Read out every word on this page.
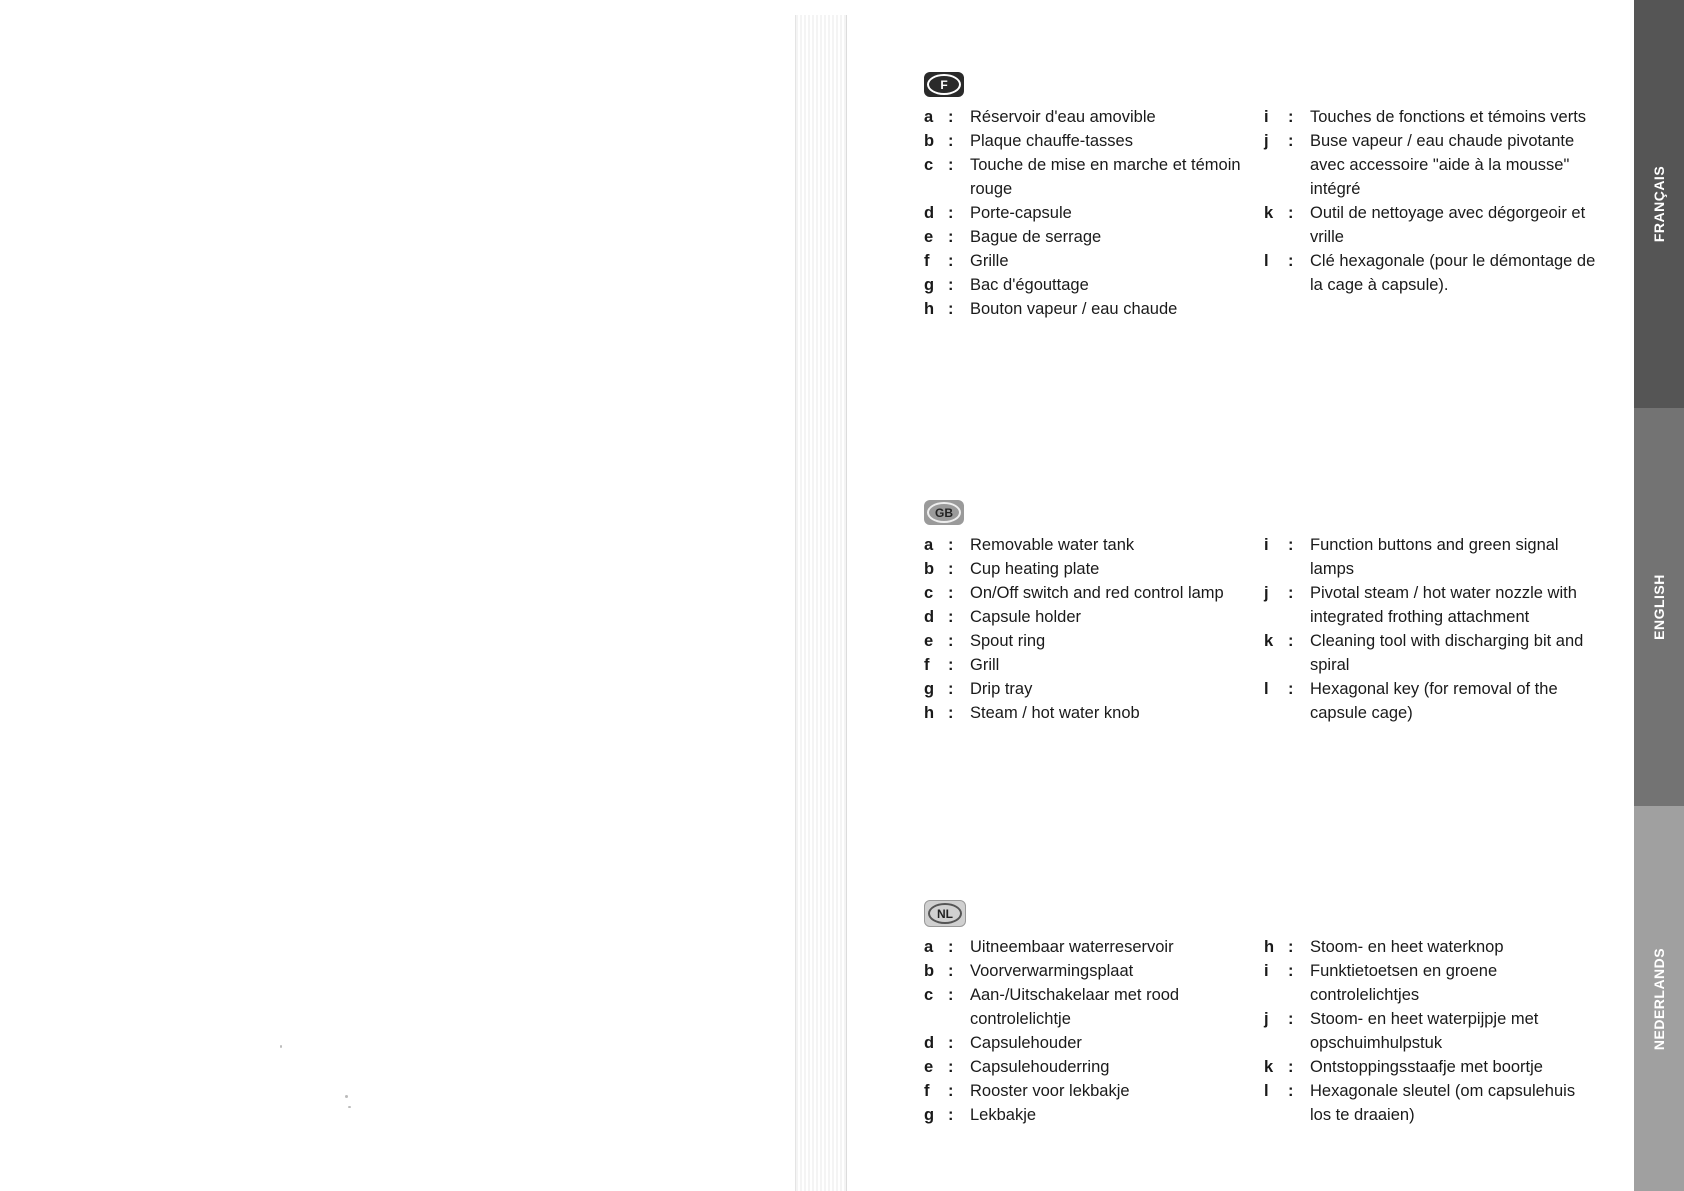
F
a :	Réservoir d'eau amovible
b :	Plaque chauffe-tasses
c :	Touche de mise en marche et témoin rouge
d :	Porte-capsule
e :	Bague de serrage
f	:	Grille
g :	Bac d'égouttage
h :	Bouton vapeur / eau chaude
i	:	Touches de fonctions et témoins verts
j	:	Buse vapeur / eau chaude pivotante avec accessoire "aide à la mousse" intégré
k :	Outil de nettoyage avec dégorgeoir et vrille
l	:	Clé hexagonale (pour le démontage de la cage à capsule).
GB
a :	Removable water tank
b :	Cup heating plate
c :	On/Off switch and red control lamp
d :	Capsule holder
e :	Spout ring
f	:	Grill
g :	Drip tray
h :	Steam / hot water knob
i	:	Function buttons and green signal lamps
j	:	Pivotal steam / hot water nozzle with integrated frothing attachment
k :	Cleaning tool with discharging bit and spiral
l	:	Hexagonal key (for removal of the capsule cage)
NL
a :	Uitneembaar waterreservoir
b :	Voorverwarmingsplaat
c :	Aan-/Uitschakelaar met rood controlelichtje
d :	Capsulehouder
e :	Capsulehouderring
f	:	Rooster voor lekbakje
g :	Lekbakje
h :	Stoom- en heet waterknop
i	:	Funktietoetsen en groene controlelichtjes
j	:	Stoom- en heet waterpijpje met opschuimhulpstuk
k :	Ontstoppingsstaafje met boortje
l	:	Hexagonale sleutel (om capsulehuis los te draaien)
FRANÇAIS
ENGLISH
NEDERLANDS
